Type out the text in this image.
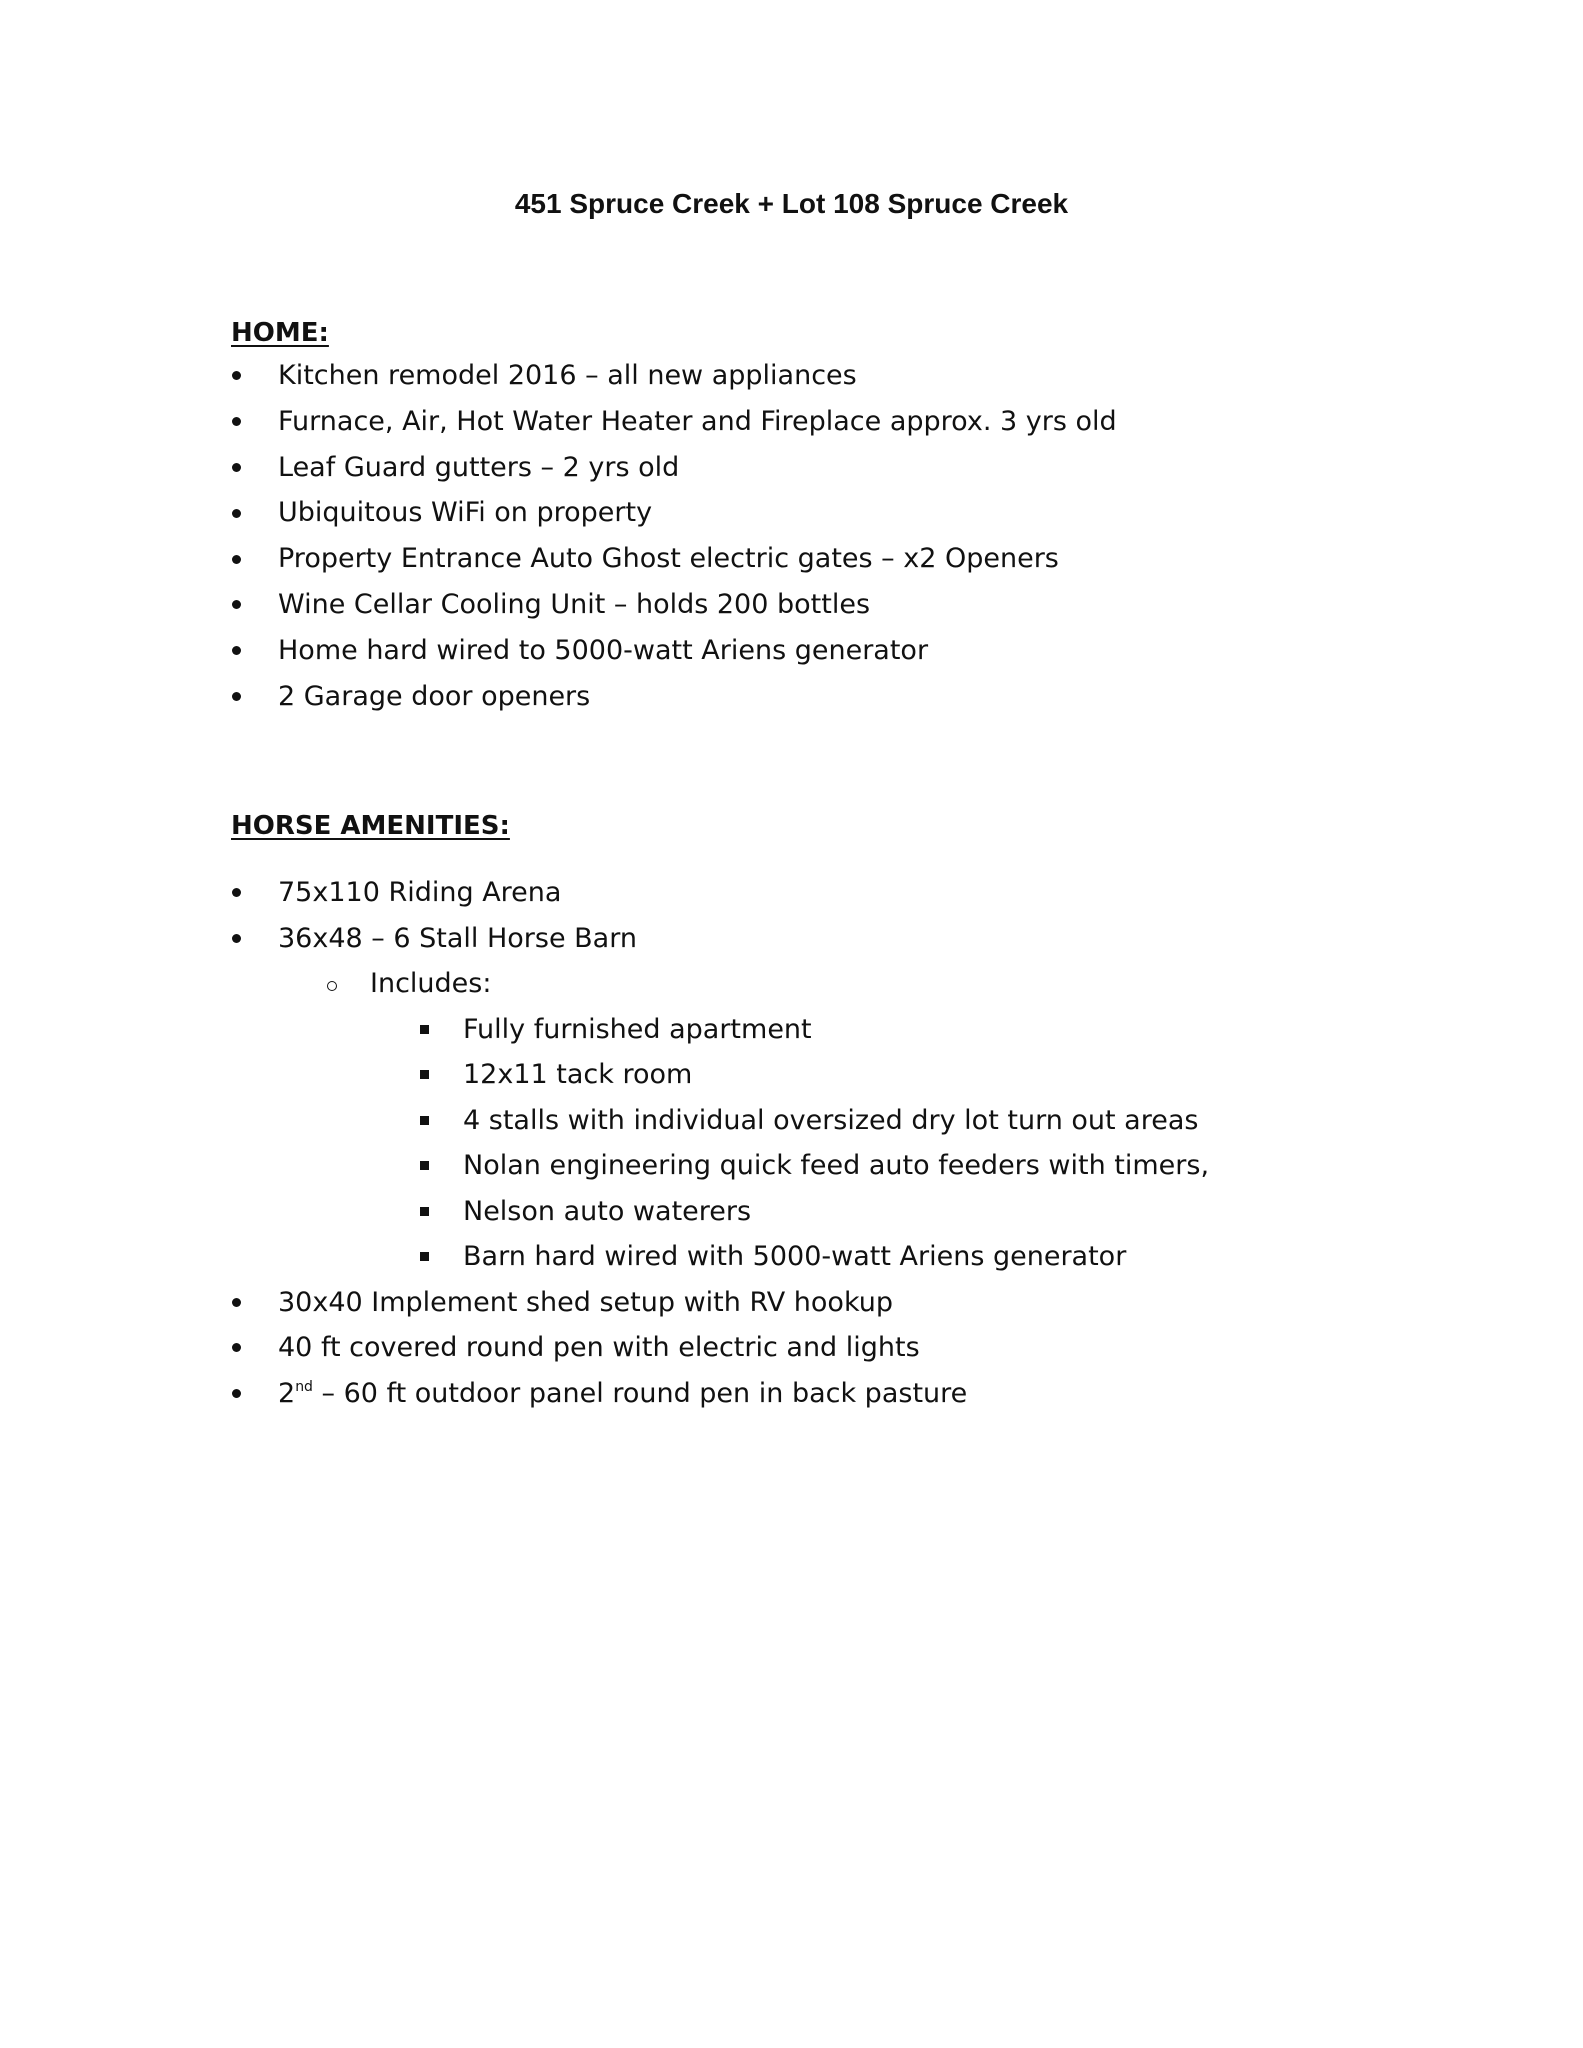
451 Spruce Creek + Lot 108 Spruce Creek
HOME:
Kitchen remodel 2016 – all new appliances
Furnace, Air, Hot Water Heater and Fireplace approx. 3 yrs old
Leaf Guard gutters – 2 yrs old
Ubiquitous WiFi on property
Property Entrance Auto Ghost electric gates – x2 Openers
Wine Cellar Cooling Unit – holds 200 bottles
Home hard wired to 5000-watt Ariens generator
2 Garage door openers
HORSE AMENITIES:
75x110 Riding Arena
36x48 – 6 Stall Horse Barn
Includes:
Fully furnished apartment
12x11 tack room
4 stalls with individual oversized dry lot turn out areas
Nolan engineering quick feed auto feeders with timers,
Nelson auto waterers
Barn hard wired with 5000-watt Ariens generator
30x40 Implement shed setup with RV hookup
40 ft covered round pen with electric and lights
2nd – 60 ft outdoor panel round pen in back pasture
